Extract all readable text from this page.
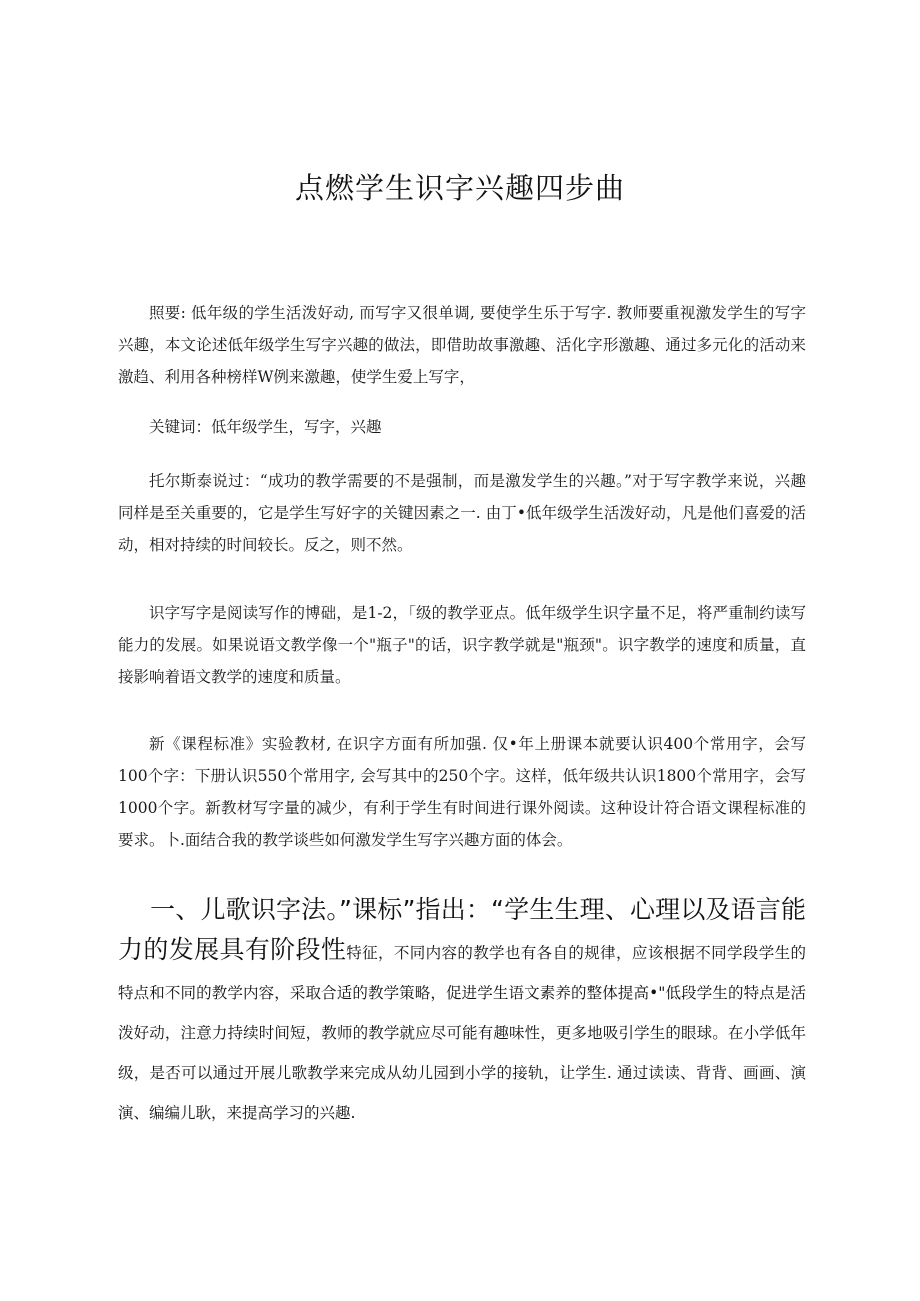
点燃学生识字兴趣四步曲

照要: 低年级的学生活泼好动, 而写字又很单调, 要使学生乐于写字. 教师要重视激发学生的写字兴趣，本文论述低年级学生写字兴趣的做法，即借助故事激趣、活化字形激趣、通过多元化的活动来激趋、利用各种榜样W例来激趣，使学生爱上写字，

关键词：低年级学生，写字，兴趣

托尔斯泰说过：“成功的教学需要的不是强制，而是激发学生的兴趣。”对于写字教学来说，兴趣同样是至关重要的，它是学生写好字的关键因素之一. 由丁•低年级学生活泼好动，凡是他们喜爱的活动，相对持续的时间较长。反之，则不然。

识字写字是阅读写作的博础，是1-2，「级的教学亚点。低年级学生识字量不足，将严重制约读写能力的发展。如果说语文教学像一个"瓶子"的话，识字教学就是"瓶颈"。识字教学的速度和质量，直接影响着语文教学的速度和质量。

新《课程标准》实验教材, 在识字方面有所加强. 仅•年上册课本就要认识400个常用字，会写100个字：下册认识550个常用字, 会写其中的250个字。这样，低年级共认识1800个常用字，会写1000个字。新教材写字量的减少，有利于学生有时间进行课外阅读。这种设计符合语文课程标准的要求。卜.面结合我的教学谈些如何激发学生写字兴趣方面的体会。

一、儿歌识字法。”课标”指出：“学生生理、心理以及语言能力的发展具有阶段性特征，不同内容的教学也有各自的规律，应该根据不同学段学生的特点和不同的教学内容，采取合适的教学策略，促进学生语文素养的整体提高•"低段学生的特点是活泼好动，注意力持续时间短，教师的教学就应尽可能有趣味性，更多地吸引学生的眼球。在小学低年级，是否可以通过开展儿歌教学来完成从幼儿园到小学的接轨，让学生. 通过读读、背背、画画、演演、编编儿耿，来提高学习的兴趣.
